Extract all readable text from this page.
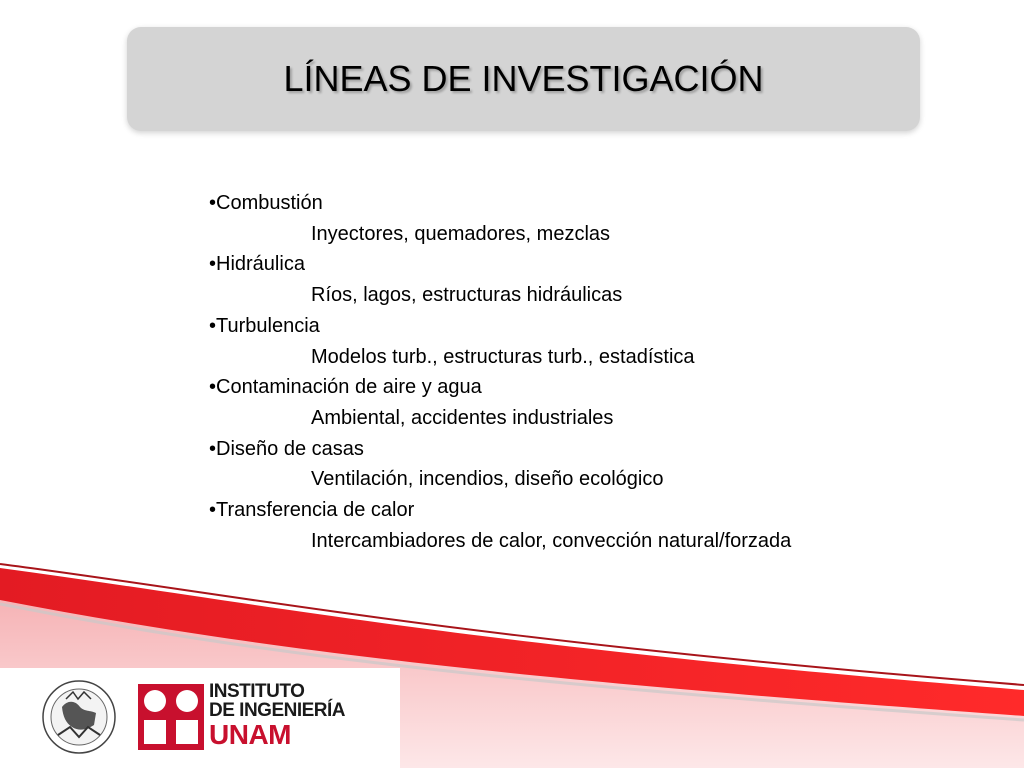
LÍNEAS DE INVESTIGACIÓN
•Combustión
Inyectores, quemadores, mezclas
•Hidráulica
Ríos, lagos, estructuras hidráulicas
•Turbulencia
Modelos turb., estructuras turb., estadística
•Contaminación de aire y agua
Ambiental, accidentes industriales
•Diseño de casas
Ventilación, incendios, diseño ecológico
•Transferencia de calor
Intercambiadores de calor, convección natural/forzada
INSTITUTO
DE INGENIERÍA
UNAM
